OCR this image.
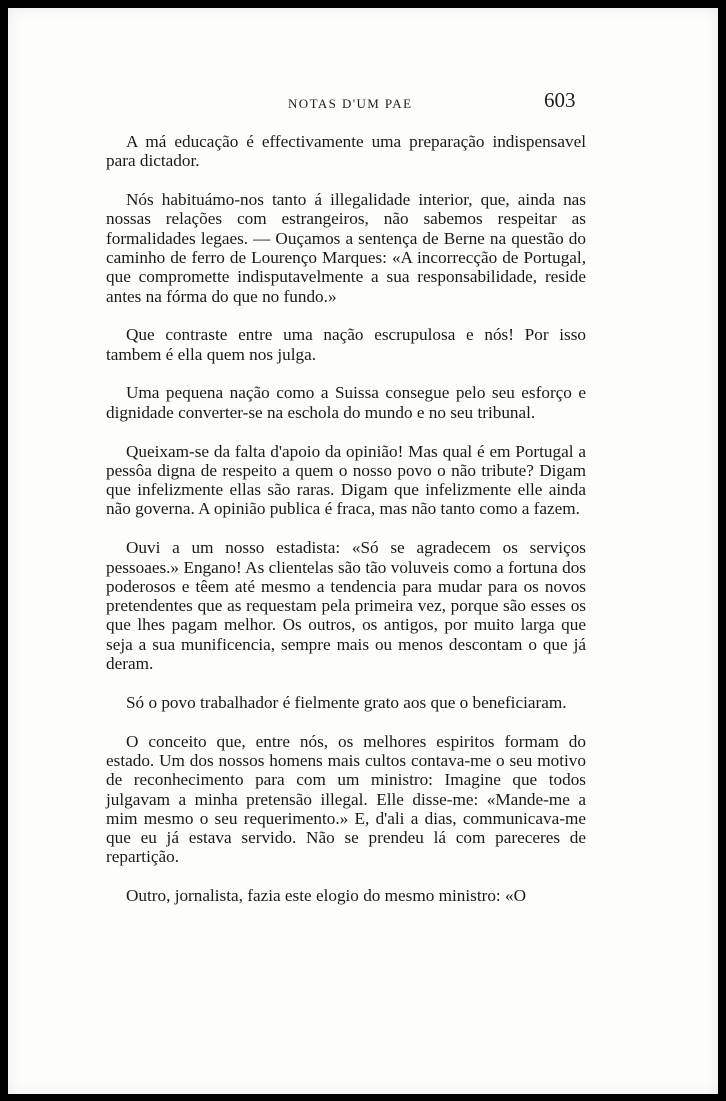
NOTAS D'UM PAE	603

A má educação é effectivamente uma preparação indispensavel para dictador.

Nós habituámo-nos tanto á illegalidade interior, que, ainda nas nossas relações com estrangeiros, não sabemos respeitar as formalidades legaes. — Ouçamos a sentença de Berne na questão do caminho de ferro de Lourenço Marques: «A incorrecção de Portugal, que compromette indisputavelmente a sua responsabilidade, reside antes na fórma do que no fundo.»

Que contraste entre uma nação escrupulosa e nós! Por isso tambem é ella quem nos julga.

Uma pequena nação como a Suissa consegue pelo seu esforço e dignidade converter-se na eschola do mundo e no seu tribunal.

Queixam-se da falta d'apoio da opinião! Mas qual é em Portugal a pessôa digna de respeito a quem o nosso povo o não tribute? Digam que infelizmente ellas são raras. Digam que infelizmente elle ainda não governa. A opinião publica é fraca, mas não tanto como a fazem.

Ouvi a um nosso estadista: «Só se agradecem os serviços pessoaes.» Engano! As clientelas são tão voluveis como a fortuna dos poderosos e têem até mesmo a tendencia para mudar para os novos pretendentes que as requestam pela primeira vez, porque são esses os que lhes pagam melhor. Os outros, os antigos, por muito larga que seja a sua munificencia, sempre mais ou menos descontam o que já deram.

Só o povo trabalhador é fielmente grato aos que o beneficiaram.

O conceito que, entre nós, os melhores espiritos formam do estado. Um dos nossos homens mais cultos contava-me o seu motivo de reconhecimento para com um ministro: Imagine que todos julgavam a minha pretensão illegal. Elle disse-me: «Mande-me a mim mesmo o seu requerimento.» E, d'ali a dias, communicava-me que eu já estava servido. Não se prendeu lá com pareceres de repartição.

Outro, jornalista, fazia este elogio do mesmo ministro: «O
